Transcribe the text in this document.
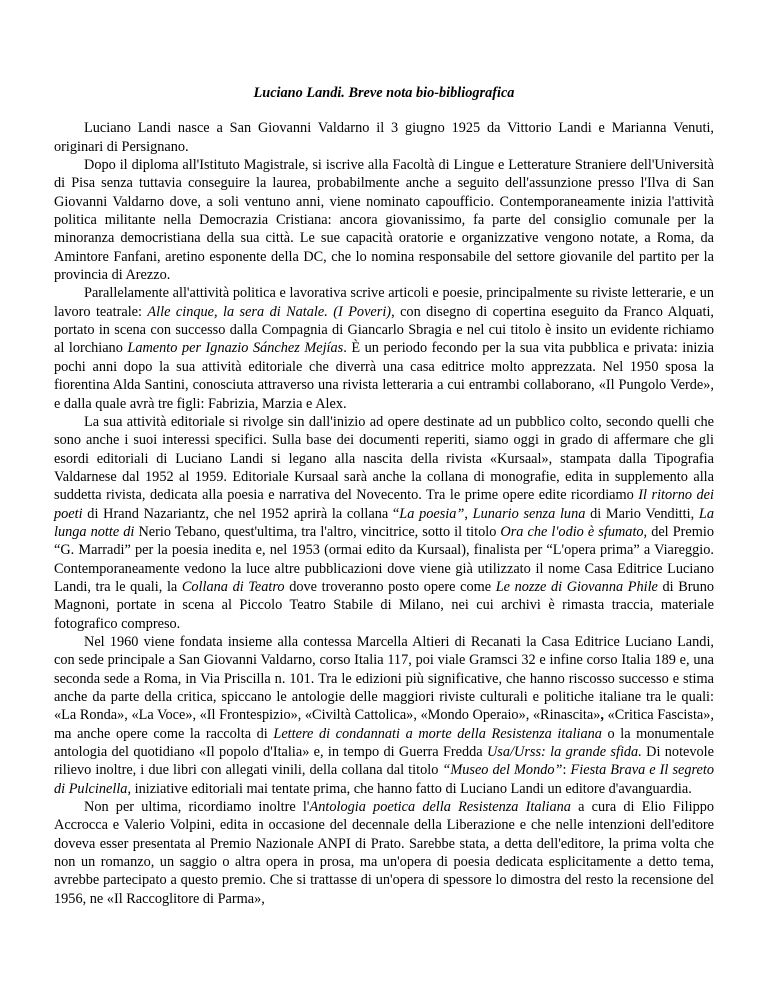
Luciano Landi. Breve nota bio-bibliografica

Luciano Landi nasce a San Giovanni Valdarno il 3 giugno 1925 da Vittorio Landi e Marianna Venuti, originari di Persignano.

Dopo il diploma all'Istituto Magistrale, si iscrive alla Facoltà di Lingue e Letterature Straniere dell'Università di Pisa senza tuttavia conseguire la laurea, probabilmente anche a seguito dell'assunzione presso l'Ilva di San Giovanni Valdarno dove, a soli ventuno anni, viene nominato capoufficio. Contemporaneamente inizia l'attività politica militante nella Democrazia Cristiana: ancora giovanissimo, fa parte del consiglio comunale per la minoranza democristiana della sua città. Le sue capacità oratorie e organizzative vengono notate, a Roma, da Amintore Fanfani, aretino esponente della DC, che lo nomina responsabile del settore giovanile del partito per la provincia di Arezzo.

Parallelamente all'attività politica e lavorativa scrive articoli e poesie, principalmente su riviste letterarie, e un lavoro teatrale: Alle cinque, la sera di Natale. (I Poveri), con disegno di copertina eseguito da Franco Alquati, portato in scena con successo dalla Compagnia di Giancarlo Sbragia e nel cui titolo è insito un evidente richiamo al lorchiano Lamento per Ignazio Sánchez Mejías. È un periodo fecondo per la sua vita pubblica e privata: inizia pochi anni dopo la sua attività editoriale che diverrà una casa editrice molto apprezzata. Nel 1950 sposa la fiorentina Alda Santini, conosciuta attraverso una rivista letteraria a cui entrambi collaborano, «Il Pungolo Verde», e dalla quale avrà tre figli: Fabrizia, Marzia e Alex.

La sua attività editoriale si rivolge sin dall'inizio ad opere destinate ad un pubblico colto, secondo quelli che sono anche i suoi interessi specifici. Sulla base dei documenti reperiti, siamo oggi in grado di affermare che gli esordi editoriali di Luciano Landi si legano alla nascita della rivista «Kursaal», stampata dalla Tipografia Valdarnese dal 1952 al 1959. Editoriale Kursaal sarà anche la collana di monografie, edita in supplemento alla suddetta rivista, dedicata alla poesia e narrativa del Novecento. Tra le prime opere edite ricordiamo Il ritorno dei poeti di Hrand Nazariantz, che nel 1952 aprirà la collana “La poesia”, Lunario senza luna di Mario Venditti, La lunga notte di Nerio Tebano, quest'ultima, tra l'altro, vincitrice, sotto il titolo Ora che l'odio è sfumato, del Premio “G. Marradi” per la poesia inedita e, nel 1953 (ormai edito da Kursaal), finalista per “L'opera prima” a Viareggio. Contemporaneamente vedono la luce altre pubblicazioni dove viene già utilizzato il nome Casa Editrice Luciano Landi, tra le quali, la Collana di Teatro dove troveranno posto opere come Le nozze di Giovanna Phile di Bruno Magnoni, portate in scena al Piccolo Teatro Stabile di Milano, nei cui archivi è rimasta traccia, materiale fotografico compreso.

Nel 1960 viene fondata insieme alla contessa Marcella Altieri di Recanati la Casa Editrice Luciano Landi, con sede principale a San Giovanni Valdarno, corso Italia 117, poi viale Gramsci 32 e infine corso Italia 189 e, una seconda sede a Roma, in Via Priscilla n. 101. Tra le edizioni più significative, che hanno riscosso successo e stima anche da parte della critica, spiccano le antologie delle maggiori riviste culturali e politiche italiane tra le quali: «La Ronda», «La Voce», «Il Frontespizio», «Civiltà Cattolica», «Mondo Operaio», «Rinascita», «Critica Fascista», ma anche opere come la raccolta di Lettere di condannati a morte della Resistenza italiana o la monumentale antologia del quotidiano «Il popolo d'Italia» e, in tempo di Guerra Fredda Usa/Urss: la grande sfida. Di notevole rilievo inoltre, i due libri con allegati vinili, della collana dal titolo “Museo del Mondo”: Fiesta Brava e Il segreto di Pulcinella, iniziative editoriali mai tentate prima, che hanno fatto di Luciano Landi un editore d'avanguardia.

Non per ultima, ricordiamo inoltre l'Antologia poetica della Resistenza Italiana a cura di Elio Filippo Accrocca e Valerio Volpini, edita in occasione del decennale della Liberazione e che nelle intenzioni dell'editore doveva esser presentata al Premio Nazionale ANPI di Prato. Sarebbe stata, a detta dell'editore, la prima volta che non un romanzo, un saggio o altra opera in prosa, ma un'opera di poesia dedicata esplicitamente a detto tema, avrebbe partecipato a questo premio. Che si trattasse di un'opera di spessore lo dimostra del resto la recensione del 1956, ne «Il Raccoglitore di Parma»,
